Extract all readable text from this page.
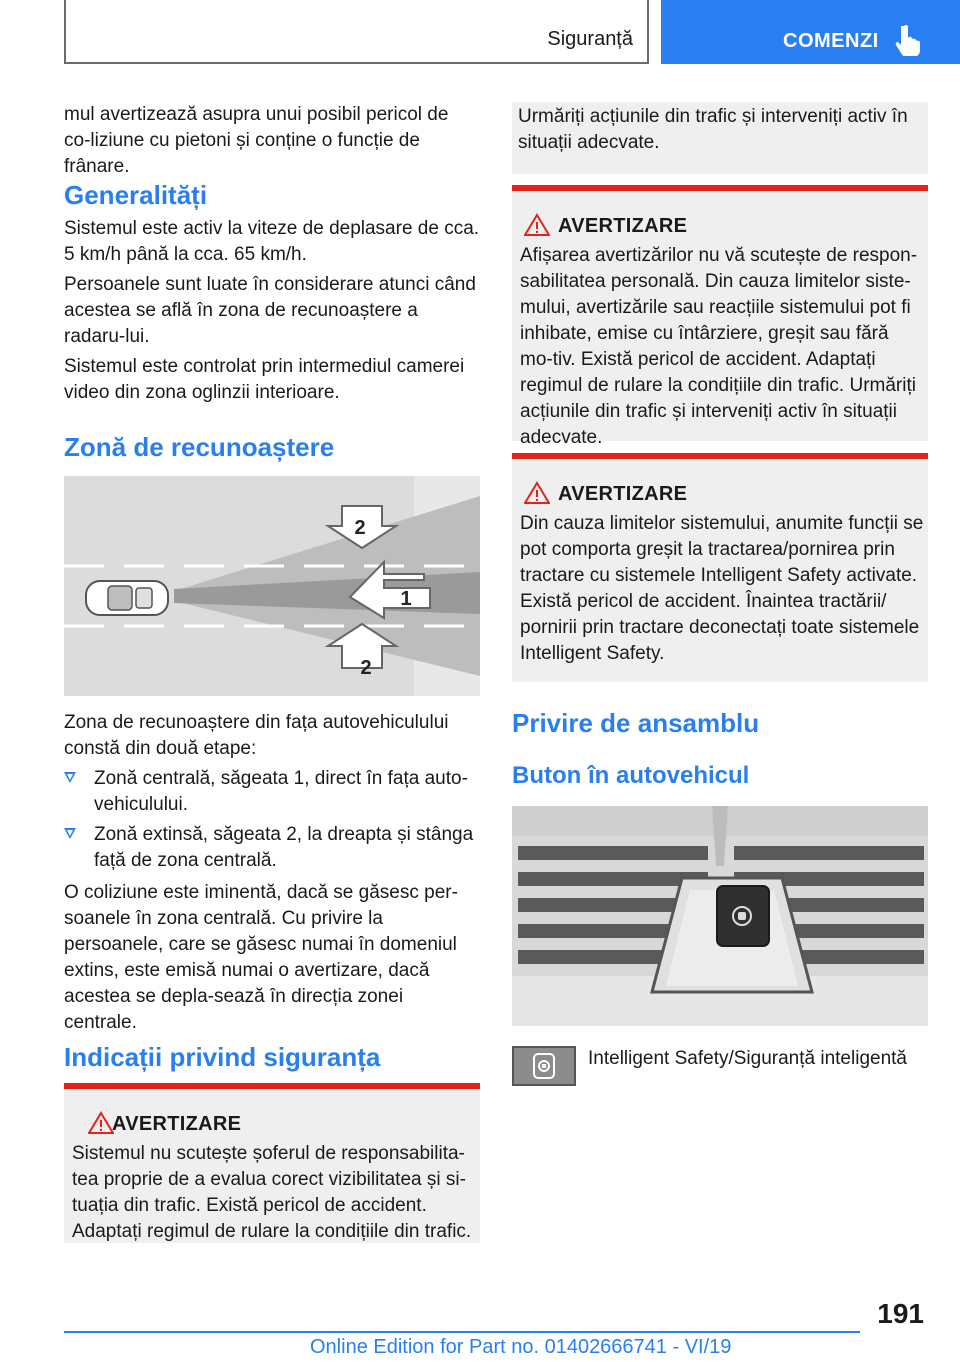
Siguranță	COMENZI
mul avertizează asupra unui posibil pericol de co-liziune cu pietoni și conține o funcție de frânare.
Generalități
Sistemul este activ la viteze de deplasare de cca. 5 km/h până la cca. 65 km/h.
Persoanele sunt luate în considerare atunci când acestea se află în zona de recunoaștere a radaru-lui.
Sistemul este controlat prin intermediul camerei video din zona oglinzii interioare.
Zonă de recunoaștere
2
1
2
Zona de recunoaștere din fața autovehiculului constă din două etape:
Zonă centrală, săgeata 1, direct în fața auto-vehiculului.
Zonă extinsă, săgeata 2, la dreapta și stânga față de zona centrală.
O coliziune este iminentă, dacă se găsesc per-soanele în zona centrală. Cu privire la persoanele, care se găsesc numai în domeniul extins, este emisă numai o avertizare, dacă acestea se depla-sează în direcția zonei centrale.
Indicații privind siguranța
AVERTIZARE
Sistemul nu scutește șoferul de responsabilita-tea proprie de a evalua corect vizibilitatea și si-tuația din trafic. Există pericol de accident. Adaptați regimul de rulare la condițiile din trafic.
Urmăriți acțiunile din trafic și interveniți activ în situații adecvate.
AVERTIZARE
Afișarea avertizărilor nu vă scutește de respon-sabilitatea personală. Din cauza limitelor siste-mului, avertizările sau reacțiile sistemului pot fi inhibate, emise cu întârziere, greșit sau fără mo-tiv. Există pericol de accident. Adaptați regimul de rulare la condițiile din trafic. Urmăriți acțiunile din trafic și interveniți activ în situații adecvate.
AVERTIZARE
Din cauza limitelor sistemului, anumite funcții se pot comporta greșit la tractarea/pornirea prin tractare cu sistemele Intelligent Safety activate. Există pericol de accident. Înaintea tractării/ pornirii prin tractare deconectați toate sistemele Intelligent Safety.
Privire de ansamblu
Buton în autovehicul
Intelligent Safety/Siguranță inteligentă
191
Online Edition for Part no. 01402666741 - VI/19
